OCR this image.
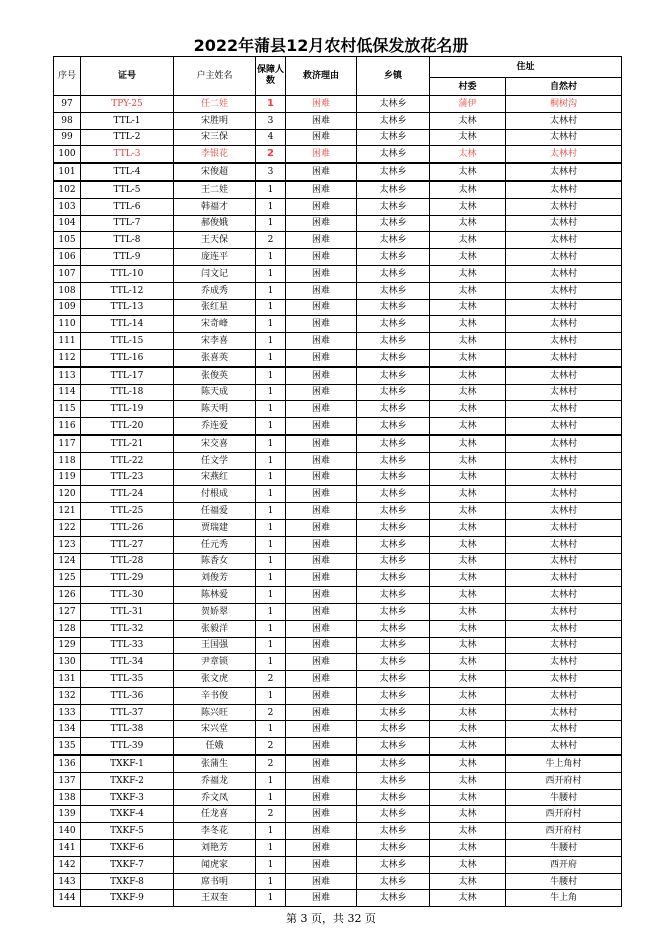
2022年蒲县12月农村低保发放花名册
序号	证号	户主姓名	保障人数	救济理由	乡镇	住址	
						村委	自然村
97	TPY-25	任二娃	1	困难	太林乡	蒲伊	桐树沟
98	TTL-1	宋胜明	3	困难	太林乡	太林	太林村
99	TTL-2	宋三保	4	困难	太林乡	太林	太林村
100	TTL-3	李银花	2	困难	太林乡	太林	太林村
101	TTL-4	宋俊超	3	困难	太林乡	太林	太林村
102	TTL-5	王二娃	1	困难	太林乡	太林	太林村
103	TTL-6	韩福才	1	困难	太林乡	太林	太林村
104	TTL-7	郝俊娥	1	困难	太林乡	太林	太林村
105	TTL-8	王天保	2	困难	太林乡	太林	太林村
106	TTL-9	庞连平	1	困难	太林乡	太林	太林村
107	TTL-10	闫文记	1	困难	太林乡	太林	太林村
108	TTL-12	乔成秀	1	困难	太林乡	太林	太林村
109	TTL-13	张红星	1	困难	太林乡	太林	太林村
110	TTL-14	宋奇峰	1	困难	太林乡	太林	太林村
111	TTL-15	宋李喜	1	困难	太林乡	太林	太林村
112	TTL-16	张喜英	1	困难	太林乡	太林	太林村
113	TTL-17	张俊英	1	困难	太林乡	太林	太林村
114	TTL-18	陈天成	1	困难	太林乡	太林	太林村
115	TTL-19	陈天明	1	困难	太林乡	太林	太林村
116	TTL-20	乔连爱	1	困难	太林乡	太林	太林村
117	TTL-21	宋交喜	1	困难	太林乡	太林	太林村
118	TTL-22	任文学	1	困难	太林乡	太林	太林村
119	TTL-23	宋燕红	1	困难	太林乡	太林	太林村
120	TTL-24	付根成	1	困难	太林乡	太林	太林村
121	TTL-25	任福爱	1	困难	太林乡	太林	太林村
122	TTL-26	贾瑞建	1	困难	太林乡	太林	太林村
123	TTL-27	任元秀	1	困难	太林乡	太林	太林村
124	TTL-28	陈香女	1	困难	太林乡	太林	太林村
125	TTL-29	刘俊芳	1	困难	太林乡	太林	太林村
126	TTL-30	陈林爱	1	困难	太林乡	太林	太林村
127	TTL-31	贺娇翠	1	困难	太林乡	太林	太林村
128	TTL-32	张毅洋	1	困难	太林乡	太林	太林村
129	TTL-33	王国强	1	困难	太林乡	太林	太林村
130	TTL-34	尹章锁	1	困难	太林乡	太林	太林村
131	TTL-35	张文虎	2	困难	太林乡	太林	太林村
132	TTL-36	辛书俊	1	困难	太林乡	太林	太林村
133	TTL-37	陈兴旺	2	困难	太林乡	太林	太林村
134	TTL-38	宋兴堂	1	困难	太林乡	太林	太林村
135	TTL-39	任娥	2	困难	太林乡	太林	太林村
136	TXKF-1	张蒲生	2	困难	太林乡	太林	牛上角村
137	TXKF-2	乔福龙	1	困难	太林乡	太林	西开府村
138	TXKF-3	乔文凤	1	困难	太林乡	太林	牛腰村
139	TXKF-4	任龙喜	2	困难	太林乡	太林	西开府村
140	TXKF-5	李冬花	1	困难	太林乡	太林	西开府村
141	TXKF-6	刘艳芳	1	困难	太林乡	太林	牛腰村
142	TXKF-7	闻虎家	1	困难	太林乡	太林	西开府
143	TXKF-8	席书明	1	困难	太林乡	太林	牛腰村
144	TXKF-9	王双奎	1	困难	太林乡	太林	牛上角
第 3 页，共 32 页
